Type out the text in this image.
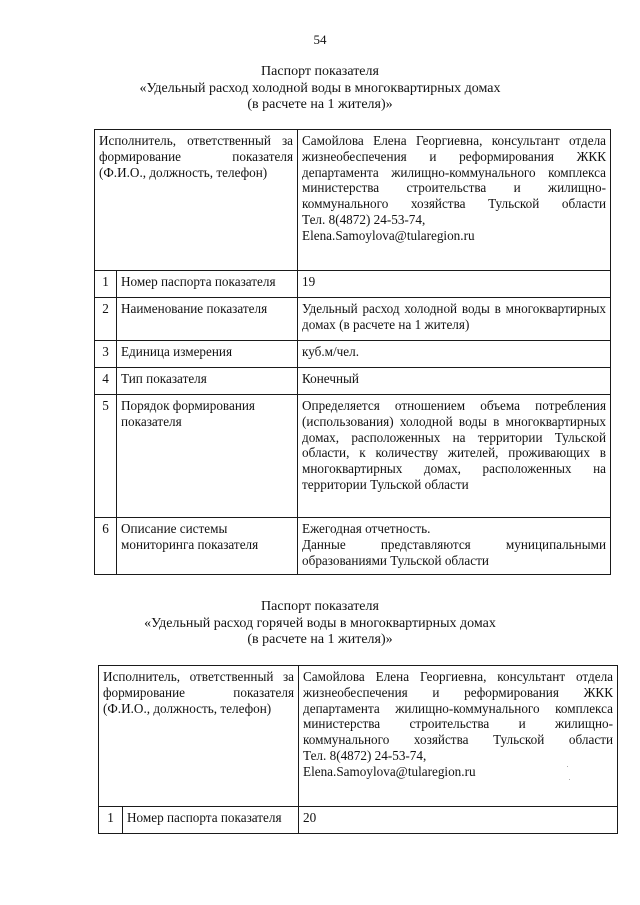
54
Паспорт показателя
«Удельный расход холодной воды в многоквартирных домах
(в расчете на 1 жителя)»
Исполнитель, ответственный за формирование показателя (Ф.И.О., должность, телефон)		Самойлова Елена Георгиевна, консультант отдела жизнеобеспечения и реформирования ЖКК департамента жилищно-коммунального комплекса министерства строительства и жилищно-коммунального хозяйства Тульской области
Тел. 8(4872) 24-53-74,
Elena.Samoylova@tularegion.ru

1	Номер паспорта показателя	19
2	Наименование показателя	Удельный расход холодной воды в многоквартирных домах (в расчете на 1 жителя)
3	Единица измерения	куб.м/чел.
4	Тип показателя	Конечный
5	Порядок формирования показателя	Определяется отношением объема потребления (использования) холодной воды в многоквартирных домах, расположенных на территории Тульской области, к количеству жителей, проживающих в многоквартирных домах, расположенных на территории Тульской области
6	Описание системы мониторинга показателя	Ежегодная отчетность.
Данные представляются муниципальными образованиями Тульской области
Паспорт показателя
«Удельный расход горячей воды в многоквартирных домах
(в расчете на 1 жителя)»
Исполнитель, ответственный за формирование показателя (Ф.И.О., должность, телефон)		Самойлова Елена Георгиевна, консультант отдела жизнеобеспечения и реформирования ЖКК департамента жилищно-коммунального комплекса министерства строительства и жилищно-коммунального хозяйства Тульской области
Тел. 8(4872) 24-53-74,
Elena.Samoylova@tularegion.ru

1	Номер паспорта показателя	20
